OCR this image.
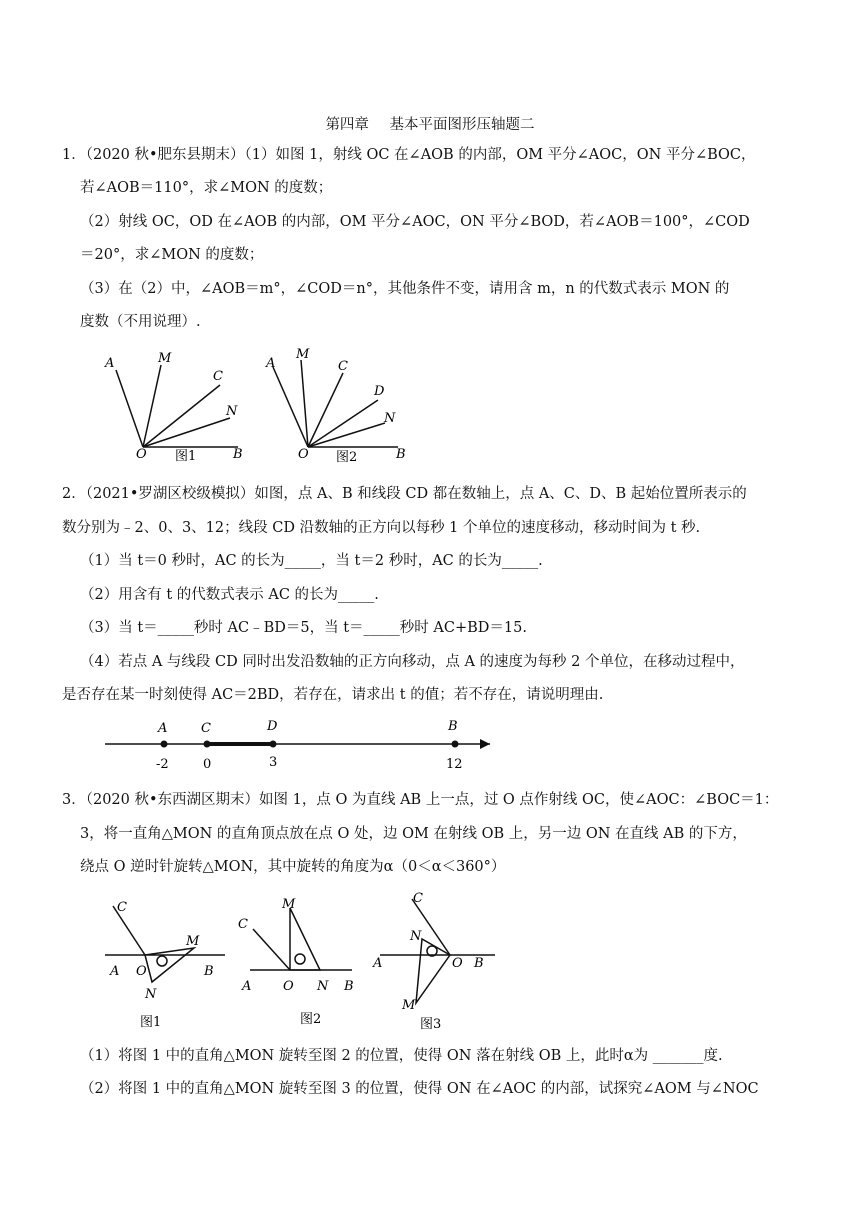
第四章 基本平面图形压轴题二
1．（2020 秋•肥东县期末）（1）如图 1，射线 OC 在∠AOB 的内部，OM 平分∠AOC，ON 平分∠BOC，
若∠AOB＝110°，求∠MON 的度数；
（2）射线 OC，OD 在∠AOB 的内部，OM 平分∠AOC，ON 平分∠BOD，若∠AOB＝100°，∠COD
＝20°，求∠MON 的度数；
（3）在（2）中，∠AOB＝m°，∠COD＝n°，其他条件不变，请用含 m，n 的代数式表示 MON 的
度数（不用说理）.
A	M
C
N
O	B
图1
A
M
C
D
N
O	B
图2
2．（2021•罗湖区校级模拟）如图，点 A、B 和线段 CD 都在数轴上，点 A、C、D、B 起始位置所表示的
数分别为﹣2、0、3、12；线段 CD 沿数轴的正方向以每秒 1 个单位的速度移动，移动时间为 t 秒.
（1）当 t＝0 秒时，AC 的长为_____，当 t＝2 秒时，AC 的长为_____.
（2）用含有 t 的代数式表示 AC 的长为_____.
（3）当 t＝_____秒时 AC﹣BD＝5，当 t＝_____秒时 AC+BD＝15.
（4）若点 A 与线段 CD 同时出发沿数轴的正方向移动，点 A 的速度为每秒 2 个单位，在移动过程中，
是否存在某一时刻使得 AC＝2BD，若存在，请求出 t 的值；若不存在，请说明理由.
A	C	D	B
-2	0	3	12
3．（2020 秋•东西湖区期末）如图 1，点 O 为直线 AB 上一点，过 O 点作射线 OC，使∠AOC：∠BOC＝1：
3，将一直角△MON 的直角顶点放在点 O 处，边 OM 在射线 OB 上，另一边 ON 在直线 AB 的下方，
绕点 O 逆时针旋转△MON，其中旋转的角度为α（0＜α＜360°）
C
M
A O	B
N
图1
M
C
A O N B
图2
C
N
A	O B
M
图3
（1）将图 1 中的直角△MON 旋转至图 2 的位置，使得 ON 落在射线 OB 上，此时α为 _______度.
（2）将图 1 中的直角△MON 旋转至图 3 的位置，使得 ON 在∠AOC 的内部，试探究∠AOM 与∠NOC
